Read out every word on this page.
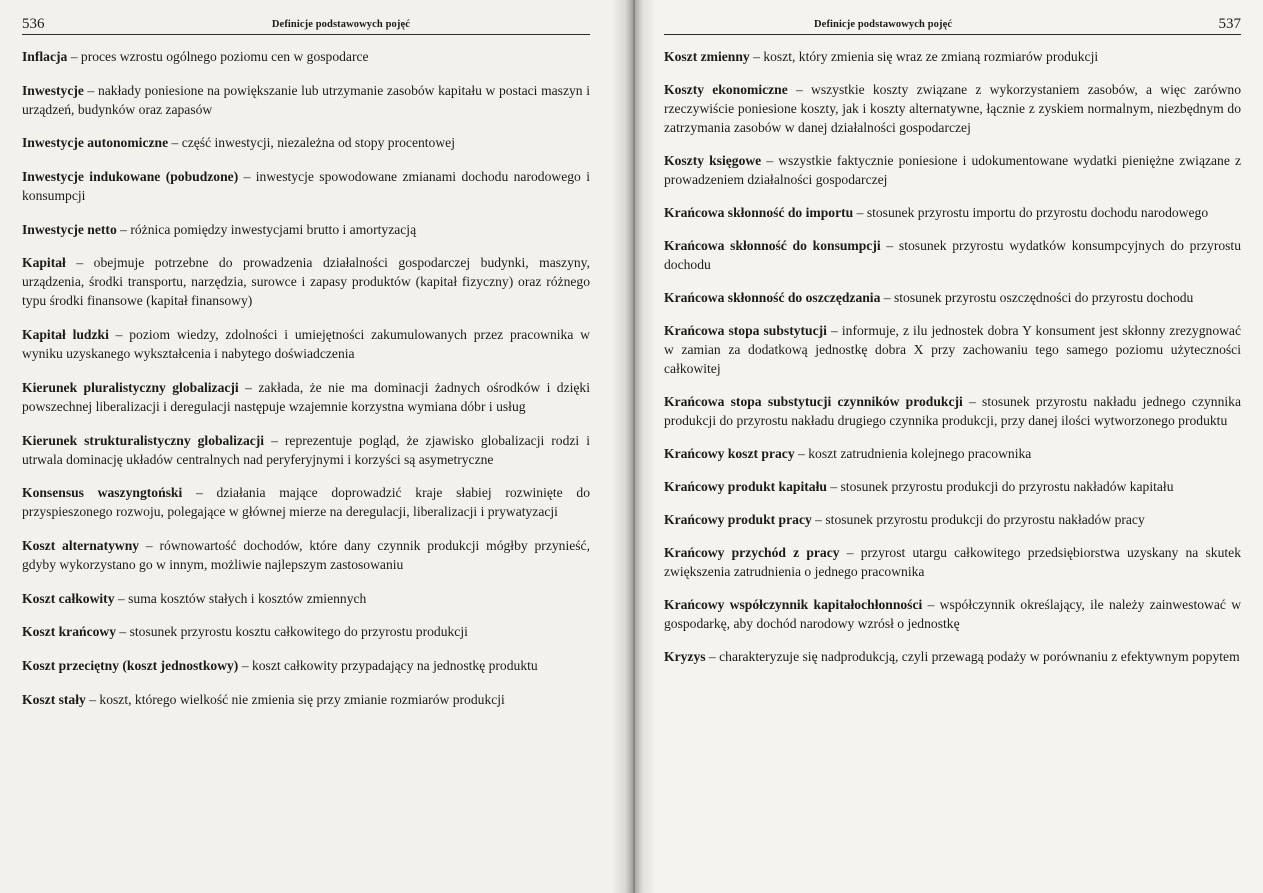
536	Definicje podstawowych pojęć

Inflacja – proces wzrostu ogólnego poziomu cen w gospodarce

Inwestycje – nakłady poniesione na powiększanie lub utrzymanie zasobów kapitału w postaci maszyn i urządzeń, budynków oraz zapasów

Inwestycje autonomiczne – część inwestycji, niezależna od stopy procentowej

Inwestycje indukowane (pobudzone) – inwestycje spowodowane zmianami dochodu narodowego i konsumpcji

Inwestycje netto – różnica pomiędzy inwestycjami brutto i amortyzacją

Kapitał – obejmuje potrzebne do prowadzenia działalności gospodarczej budynki, maszyny, urządzenia, środki transportu, narzędzia, surowce i zapasy produktów (kapitał fizyczny) oraz różnego typu środki finansowe (kapitał finansowy)

Kapitał ludzki – poziom wiedzy, zdolności i umiejętności zakumulowanych przez pracownika w wyniku uzyskanego wykształcenia i nabytego doświadczenia

Kierunek pluralistyczny globalizacji – zakłada, że nie ma dominacji żadnych ośrodków i dzięki powszechnej liberalizacji i deregulacji następuje wzajemnie korzystna wymiana dóbr i usług

Kierunek strukturalistyczny globalizacji – reprezentuje pogląd, że zjawisko globalizacji rodzi i utrwala dominację układów centralnych nad peryferyjnymi i korzyści są asymetryczne

Konsensus waszyngtoński – działania mające doprowadzić kraje słabiej rozwinięte do przyspieszonego rozwoju, polegające w głównej mierze na deregulacji, liberalizacji i prywatyzacji

Koszt alternatywny – równowartość dochodów, które dany czynnik produkcji mógłby przynieść, gdyby wykorzystano go w innym, możliwie najlepszym zastosowaniu

Koszt całkowity – suma kosztów stałych i kosztów zmiennych

Koszt krańcowy – stosunek przyrostu kosztu całkowitego do przyrostu produkcji

Koszt przeciętny (koszt jednostkowy) – koszt całkowity przypadający na jednostkę produktu

Koszt stały – koszt, którego wielkość nie zmienia się przy zmianie rozmiarów produkcji

Definicje podstawowych pojęć	537

Koszt zmienny – koszt, który zmienia się wraz ze zmianą rozmiarów produkcji

Koszty ekonomiczne – wszystkie koszty związane z wykorzystaniem zasobów, a więc zarówno rzeczywiście poniesione koszty, jak i koszty alternatywne, łącznie z zyskiem normalnym, niezbędnym do zatrzymania zasobów w danej działalności gospodarczej

Koszty księgowe – wszystkie faktycznie poniesione i udokumentowane wydatki pieniężne związane z prowadzeniem działalności gospodarczej

Krańcowa skłonność do importu – stosunek przyrostu importu do przyrostu dochodu narodowego

Krańcowa skłonność do konsumpcji – stosunek przyrostu wydatków konsumpcyjnych do przyrostu dochodu

Krańcowa skłonność do oszczędzania – stosunek przyrostu oszczędności do przyrostu dochodu

Krańcowa stopa substytucji – informuje, z ilu jednostek dobra Y konsument jest skłonny zrezygnować w zamian za dodatkową jednostkę dobra X przy zachowaniu tego samego poziomu użyteczności całkowitej

Krańcowa stopa substytucji czynników produkcji – stosunek przyrostu nakładu jednego czynnika produkcji do przyrostu nakładu drugiego czynnika produkcji, przy danej ilości wytworzonego produktu

Krańcowy koszt pracy – koszt zatrudnienia kolejnego pracownika

Krańcowy produkt kapitału – stosunek przyrostu produkcji do przyrostu nakładów kapitału

Krańcowy produkt pracy – stosunek przyrostu produkcji do przyrostu nakładów pracy

Krańcowy przychód z pracy – przyrost utargu całkowitego przedsiębiorstwa uzyskany na skutek zwiększenia zatrudnienia o jednego pracownika

Krańcowy współczynnik kapitałochłonności – współczynnik określający, ile należy zainwestować w gospodarkę, aby dochód narodowy wzrósł o jednostkę

Kryzys – charakteryzuje się nadprodukcją, czyli przewagą podaży w porównaniu z efektywnym popytem
